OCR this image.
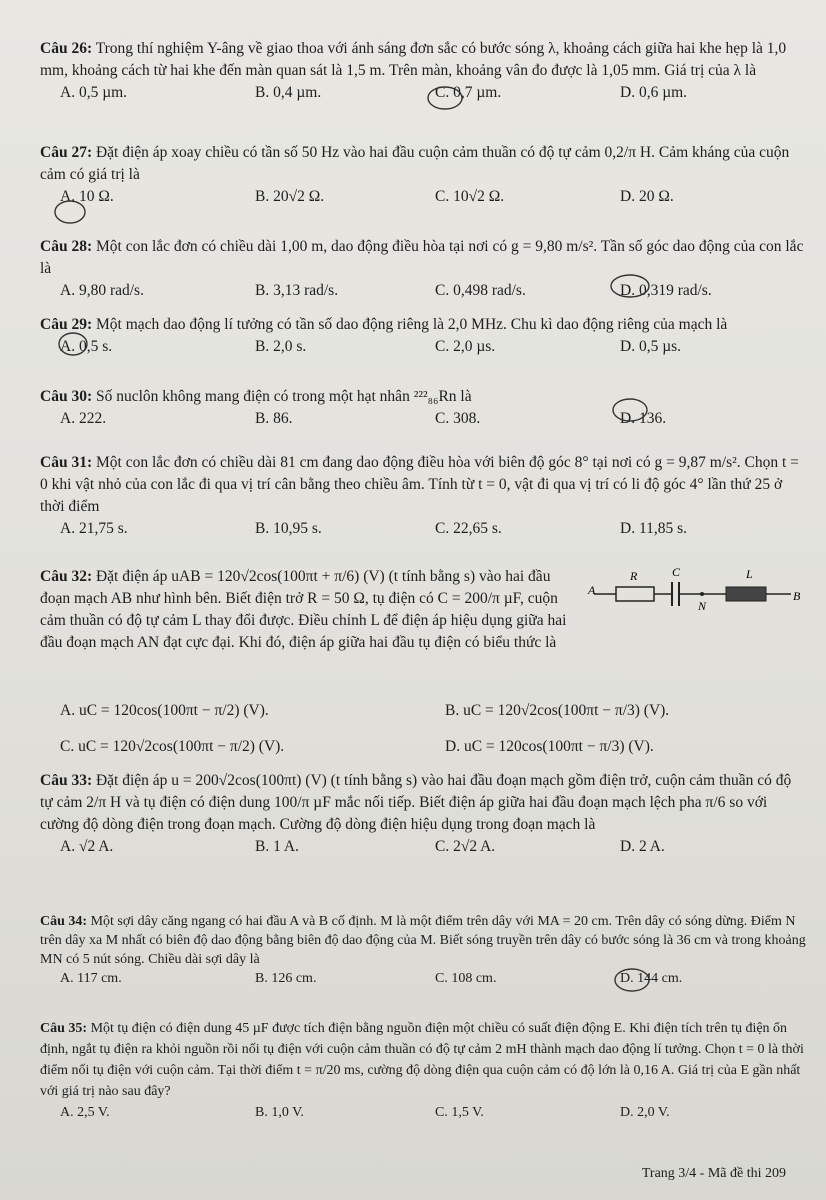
Câu 26: Trong thí nghiệm Y-âng về giao thoa với ánh sáng đơn sắc có bước sóng λ, khoảng cách giữa hai khe hẹp là 1,0 mm, khoảng cách từ hai khe đến màn quan sát là 1,5 m. Trên màn, khoảng vân đo được là 1,05 mm. Giá trị của λ là

A. 0,5 µm.	B. 0,4 µm.	C. 0,7 µm.	D. 0,6 µm.

Câu 27: Đặt điện áp xoay chiều có tần số 50 Hz vào hai đầu cuộn cảm thuần có độ tự cảm 0,2/π H. Cảm kháng của cuộn cảm có giá trị là

A. 10 Ω.	B. 20√2 Ω.	C. 10√2 Ω.	D. 20 Ω.

Câu 28: Một con lắc đơn có chiều dài 1,00 m, dao động điều hòa tại nơi có g = 9,80 m/s². Tần số góc dao động của con lắc là

A. 9,80 rad/s.	B. 3,13 rad/s.	C. 0,498 rad/s.	D. 0,319 rad/s.

Câu 29: Một mạch dao động lí tưởng có tần số dao động riêng là 2,0 MHz. Chu kì dao động riêng của mạch là

A. 0,5 s.	B. 2,0 s.	C. 2,0 µs.	D. 0,5 µs.

Câu 30: Số nuclôn không mang điện có trong một hạt nhân ²²²₈₆Rn là

A. 222.	B. 86.	C. 308.	D. 136.

Câu 31: Một con lắc đơn có chiều dài 81 cm đang dao động điều hòa với biên độ góc 8° tại nơi có g = 9,87 m/s². Chọn t = 0 khi vật nhỏ của con lắc đi qua vị trí cân bằng theo chiều âm. Tính từ t = 0, vật đi qua vị trí có li độ góc 4° lần thứ 25 ở thời điểm

A. 21,75 s.	B. 10,95 s.	C. 22,65 s.	D. 11,85 s.

Câu 32: Đặt điện áp uAB = 120√2cos(100πt + π/6) (V) (t tính bằng s) vào hai đầu đoạn mạch AB như hình bên. Biết điện trở R = 50 Ω, tụ điện có C = 200/π µF, cuộn cảm thuần có độ tự cảm L thay đổi được. Điều chỉnh L để điện áp hiệu dụng giữa hai đầu đoạn mạch AN đạt cực đại. Khi đó, điện áp giữa hai đầu tụ điện có biểu thức là

A. uC = 120cos(100πt − π/2) (V).	B. uC = 120√2cos(100πt − π/3) (V).
C. uC = 120√2cos(100πt − π/2) (V).	D. uC = 120cos(100πt − π/3) (V).
A
R	C	L
N
B

Câu 33: Đặt điện áp u = 200√2cos(100πt) (V) (t tính bằng s) vào hai đầu đoạn mạch gồm điện trở, cuộn cảm thuần có độ tự cảm 2/π H và tụ điện có điện dung 100/π µF mắc nối tiếp. Biết điện áp giữa hai đầu đoạn mạch lệch pha π/6 so với cường độ dòng điện trong đoạn mạch. Cường độ dòng điện hiệu dụng trong đoạn mạch là

A. √2 A.	B. 1 A.	C. 2√2 A.	D. 2 A.

Câu 34: Một sợi dây căng ngang có hai đầu A và B cố định. M là một điểm trên dây với MA = 20 cm. Trên dây có sóng dừng. Điểm N trên dây xa M nhất có biên độ dao động bằng biên độ dao động của M. Biết sóng truyền trên dây có bước sóng là 36 cm và trong khoảng MN có 5 nút sóng. Chiều dài sợi dây là

A. 117 cm.	B. 126 cm.	C. 108 cm.	D. 144 cm.

Câu 35: Một tụ điện có điện dung 45 µF được tích điện bằng nguồn điện một chiều có suất điện động E. Khi điện tích trên tụ điện ổn định, ngắt tụ điện ra khỏi nguồn rồi nối tụ điện với cuộn cảm thuần có độ tự cảm 2 mH thành mạch dao động lí tưởng. Chọn t = 0 là thời điểm nối tụ điện với cuộn cảm. Tại thời điểm t = π/20 ms, cường độ dòng điện qua cuộn cảm có độ lớn là 0,16 A. Giá trị của E gần nhất với giá trị nào sau đây?

A. 2,5 V.	B. 1,0 V.	C. 1,5 V.	D. 2,0 V.
Trang 3/4 - Mã đề thi 209
